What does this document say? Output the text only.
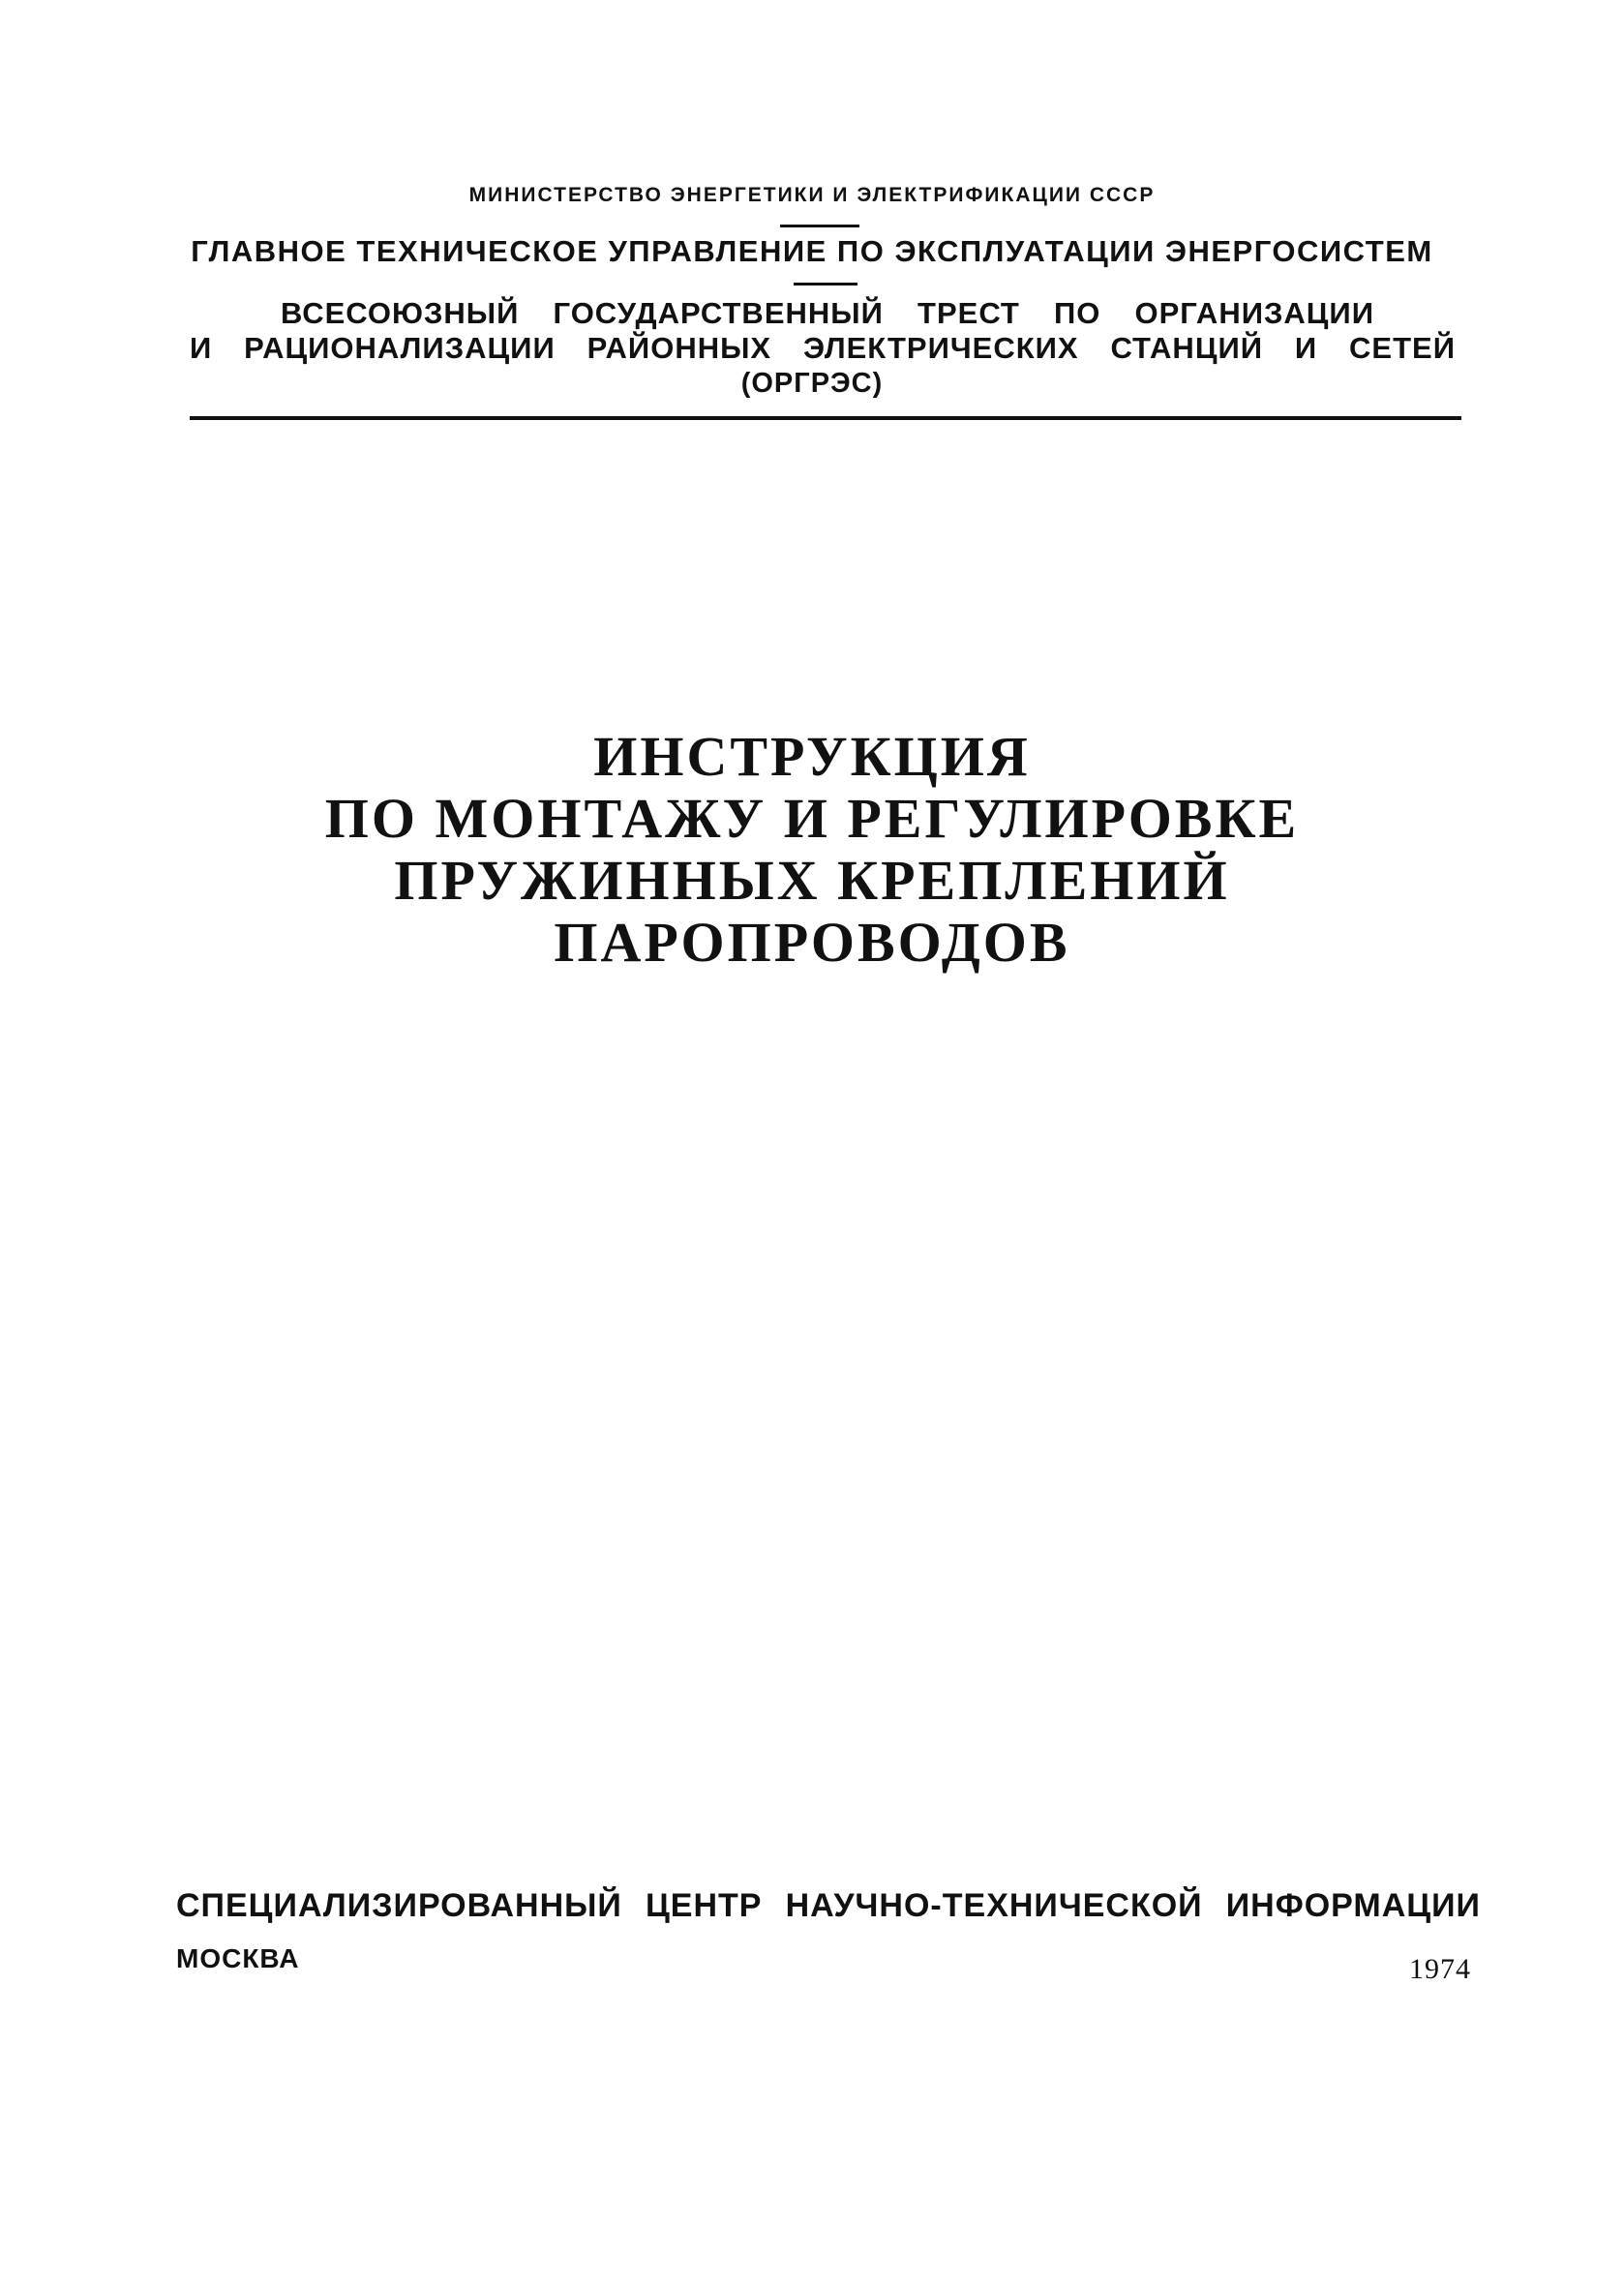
МИНИСТЕРСТВО ЭНЕРГЕТИКИ И ЭЛЕКТРИФИКАЦИИ СССР
ГЛАВНОЕ ТЕХНИЧЕСКОЕ УПРАВЛЕНИЕ ПО ЭКСПЛУАТАЦИИ ЭНЕРГОСИСТЕМ
ВСЕСОЮЗНЫЙ ГОСУДАРСТВЕННЫЙ ТРЕСТ ПО ОРГАНИЗАЦИИ
И РАЦИОНАЛИЗАЦИИ РАЙОННЫХ ЭЛЕКТРИЧЕСКИХ СТАНЦИЙ И СЕТЕЙ
(ОРГРЭС)
ИНСТРУКЦИЯ
ПО МОНТАЖУ И РЕГУЛИРОВКЕ
ПРУЖИННЫХ КРЕПЛЕНИЙ
ПАРОПРОВОДОВ
СПЕЦИАЛИЗИРОВАННЫЙ ЦЕНТР НАУЧНО-ТЕХНИЧЕСКОЙ ИНФОРМАЦИИ
МОСКВА	1974
